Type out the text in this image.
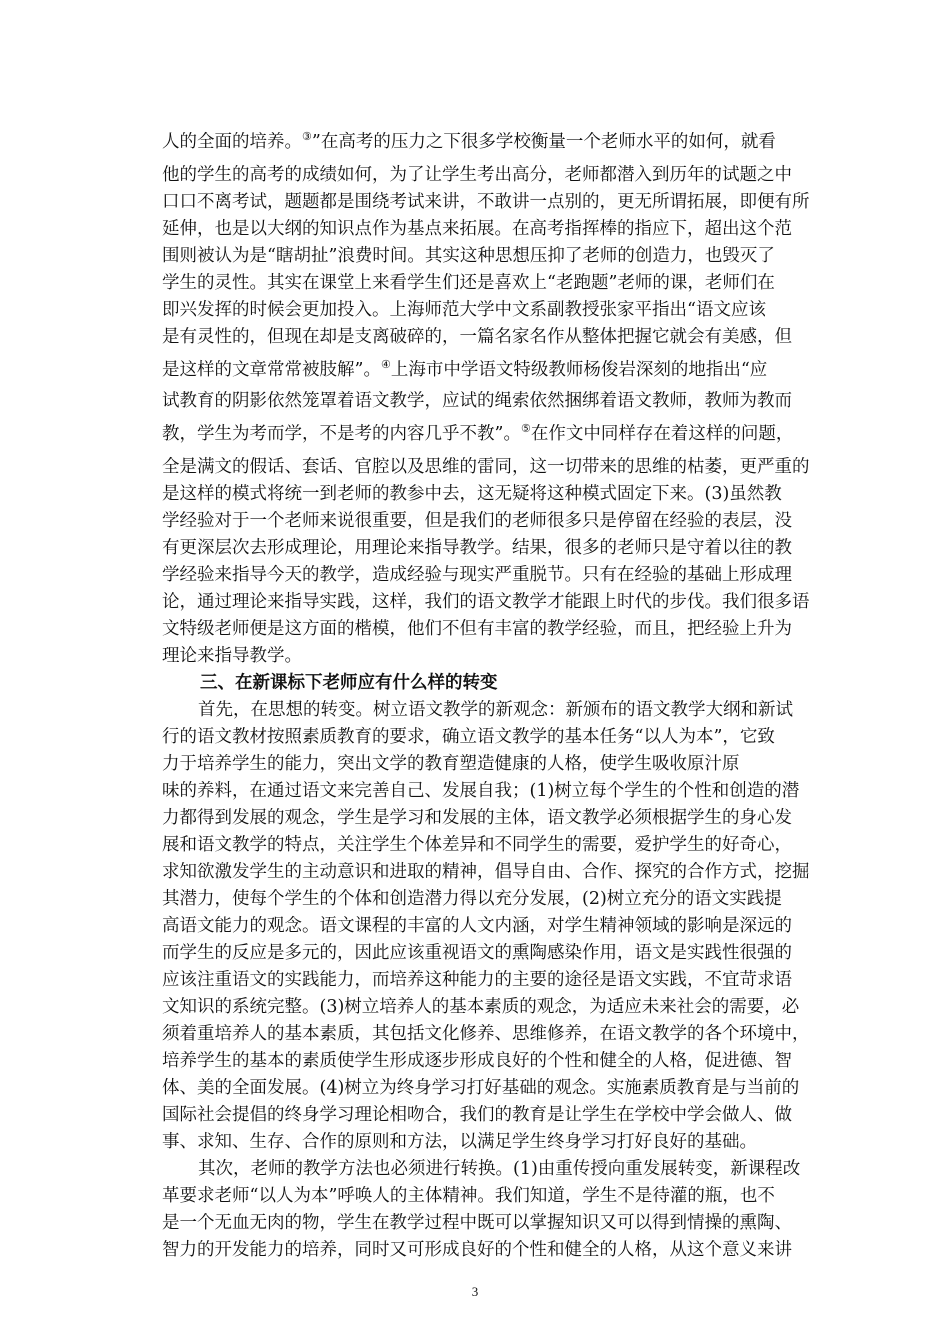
人的全面的培养。③”在高考的压力之下很多学校衡量一个老师水平的如何，就看
他的学生的高考的成绩如何，为了让学生考出高分，老师都潜入到历年的试题之中
口口不离考试，题题都是围绕考试来讲，不敢讲一点别的，更无所谓拓展，即便有所
延伸，也是以大纲的知识点作为基点来拓展。在高考指挥棒的指应下，超出这个范
围则被认为是“瞎胡扯”浪费时间。其实这种思想压抑了老师的创造力，也毁灭了
学生的灵性。其实在课堂上来看学生们还是喜欢上“老跑题”老师的课，老师们在
即兴发挥的时候会更加投入。上海师范大学中文系副教授张家平指出“语文应该
是有灵性的，但现在却是支离破碎的，一篇名家名作从整体把握它就会有美感，但
是这样的文章常常被肢解”。④上海市中学语文特级教师杨俊岩深刻的地指出“应
试教育的阴影依然笼罩着语文教学，应试的绳索依然捆绑着语文教师，教师为教而
教，学生为考而学，不是考的内容几乎不教”。⑤在作文中同样存在着这样的问题，
全是满文的假话、套话、官腔以及思维的雷同，这一切带来的思维的枯萎，更严重的
是这样的模式将统一到老师的教参中去，这无疑将这种模式固定下来。(3)虽然教
学经验对于一个老师来说很重要，但是我们的老师很多只是停留在经验的表层，没
有更深层次去形成理论，用理论来指导教学。结果，很多的老师只是守着以往的教
学经验来指导今天的教学，造成经验与现实严重脱节。只有在经验的基础上形成理
论，通过理论来指导实践，这样，我们的语文教学才能跟上时代的步伐。我们很多语
文特级老师便是这方面的楷模，他们不但有丰富的教学经验，而且，把经验上升为
理论来指导教学。
三、在新课标下老师应有什么样的转变
首先，在思想的转变。树立语文教学的新观念：新颁布的语文教学大纲和新试
行的语文教材按照素质教育的要求，确立语文教学的基本任务“以人为本”，它致
力于培养学生的能力，突出文学的教育塑造健康的人格，使学生吸收原汁原
味的养料，在通过语文来完善自己、发展自我；(1)树立每个学生的个性和创造的潜
力都得到发展的观念，学生是学习和发展的主体，语文教学必须根据学生的身心发
展和语文教学的特点，关注学生个体差异和不同学生的需要，爱护学生的好奇心，
求知欲激发学生的主动意识和进取的精神，倡导自由、合作、探究的合作方式，挖掘
其潜力，使每个学生的个体和创造潜力得以充分发展，(2)树立充分的语文实践提
高语文能力的观念。语文课程的丰富的人文内涵，对学生精神领域的影响是深远的
而学生的反应是多元的，因此应该重视语文的熏陶感染作用，语文是实践性很强的
应该注重语文的实践能力，而培养这种能力的主要的途径是语文实践，不宜苛求语
文知识的系统完整。(3)树立培养人的基本素质的观念，为适应未来社会的需要，必
须着重培养人的基本素质，其包括文化修养、思维修养，在语文教学的各个环境中，
培养学生的基本的素质使学生形成逐步形成良好的个性和健全的人格，促进德、智
体、美的全面发展。(4)树立为终身学习打好基础的观念。实施素质教育是与当前的
国际社会提倡的终身学习理论相吻合，我们的教育是让学生在学校中学会做人、做
事、求知、生存、合作的原则和方法，以满足学生终身学习打好良好的基础。
其次，老师的教学方法也必须进行转换。(1)由重传授向重发展转变，新课程改
革要求老师“以人为本”呼唤人的主体精神。我们知道，学生不是待灌的瓶，也不
是一个无血无肉的物，学生在教学过程中既可以掌握知识又可以得到情操的熏陶、
智力的开发能力的培养，同时又可形成良好的个性和健全的人格，从这个意义来讲
3
